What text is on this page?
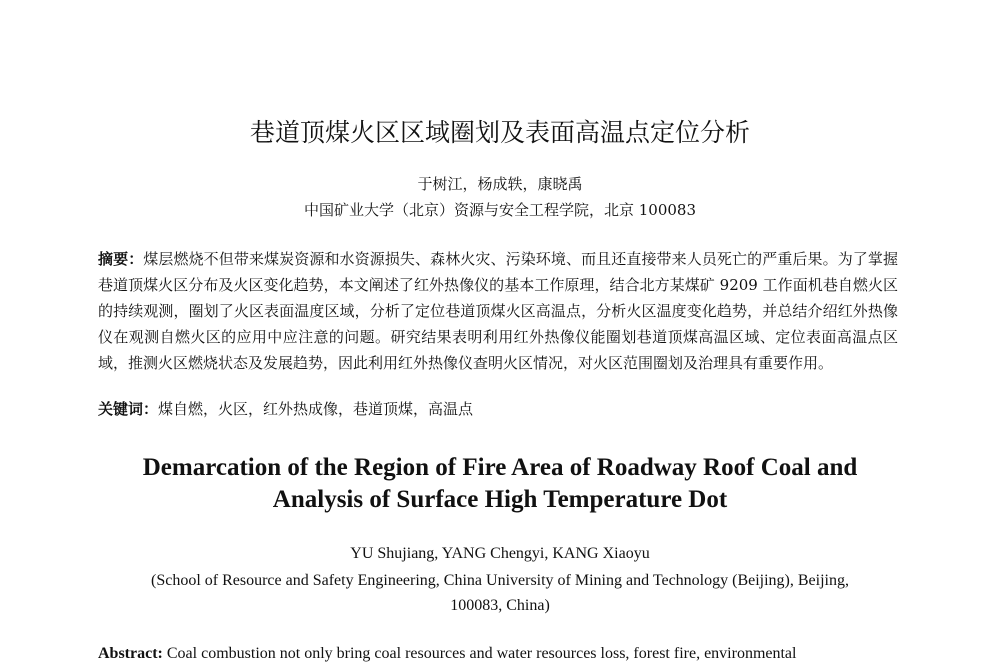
巷道顶煤火区区域圈划及表面高温点定位分析
于树江，杨成轶，康晓禹
中国矿业大学（北京）资源与安全工程学院，北京 100083
摘要：煤层燃烧不但带来煤炭资源和水资源损失、森林火灾、污染环境、而且还直接带来人员死亡的严重后果。为了掌握巷道顶煤火区分布及火区变化趋势，本文阐述了红外热像仪的基本工作原理，结合北方某煤矿 9209 工作面机巷自燃火区的持续观测，圈划了火区表面温度区域，分析了定位巷道顶煤火区高温点，分析火区温度变化趋势，并总结介绍红外热像仪在观测自燃火区的应用中应注意的问题。研究结果表明利用红外热像仪能圈划巷道顶煤高温区域、定位表面高温点区域，推测火区燃烧状态及发展趋势，因此利用红外热像仪查明火区情况，对火区范围圈划及治理具有重要作用。
关键词：煤自燃，火区，红外热成像，巷道顶煤，高温点
Demarcation of the Region of Fire Area of Roadway Roof Coal and
Analysis of Surface High Temperature Dot
YU Shujiang, YANG Chengyi, KANG Xiaoyu
(School of Resource and Safety Engineering, China University of Mining and Technology (Beijing), Beijing,
100083, China)
Abstract: Coal combustion not only bring coal resources and water resources loss, forest fire, environmental
